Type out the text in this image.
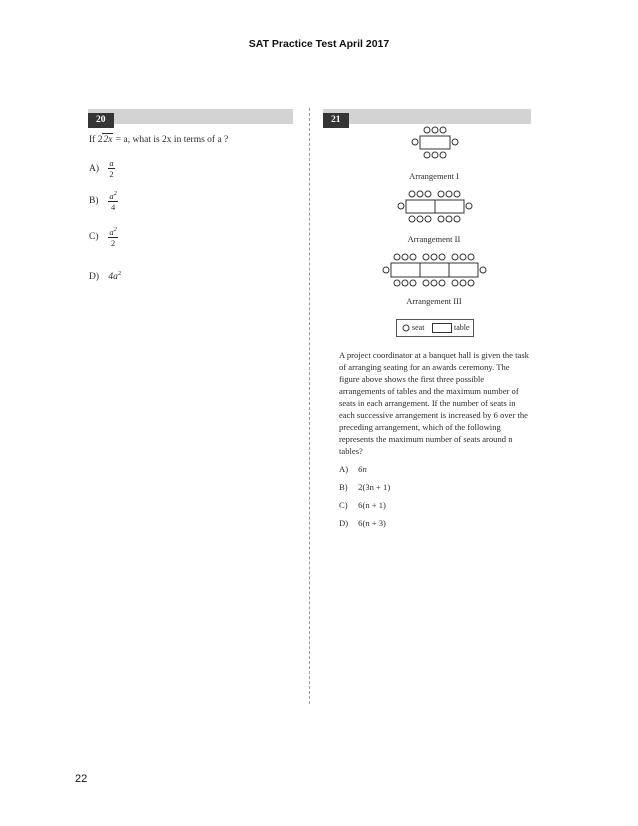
SAT Practice Test April 2017
20
If 22x = a, what is 2x in terms of a ?
$A) \frac{a}{2}$
$B) \frac{a^2}{4}$
$C) \frac{a^2}{2}$
D) $4a^2$
21
Arrangement I
Arrangement II
Arrangement III
seat	table
A project coordinator at a banquet hall is given the task of arranging seating for an awards ceremony. The figure above shows the first three possible arrangements of tables and the maximum number of seats in each arrangement. If the number of seats in each successive arrangement is increased by 6 over the preceding arrangement, which of the following represents the maximum number of seats around n tables?
A) 6n
B) 2(3n + 1)
C) 6(n + 1)
D) 6(n + 3)
22
